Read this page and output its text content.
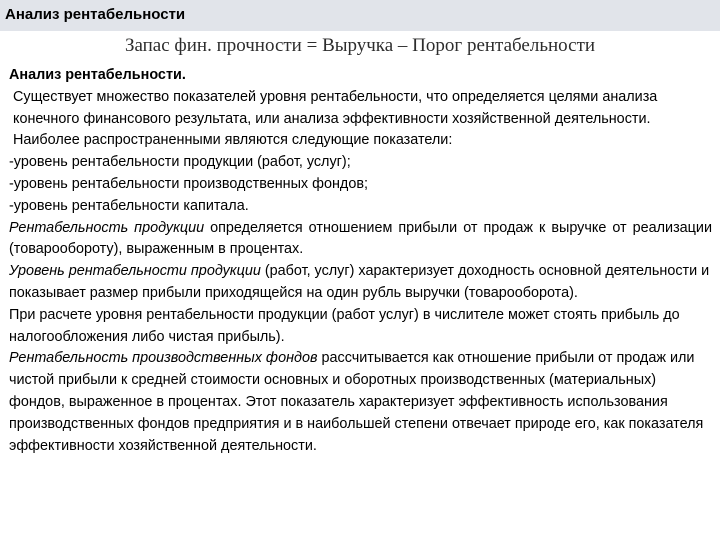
Анализ рентабельности
Запас фин. прочности = Выручка – Порог рентабельности

Анализ рентабельности.

Существует множество показателей уровня рентабельности, что определяется целями анализа конечного финансового результата, или анализа эффективности хозяйственной деятельности. Наиболее распространенными являются следующие показатели:

-уровень рентабельности продукции (работ, услуг);

-уровень рентабельности производственных фондов;

-уровень рентабельности капитала.

Рентабельность продукции определяется отношением прибыли от продаж к выручке от реализации (товарообороту), выраженным в процентах.

Уровень рентабельности продукции (работ, услуг) характеризует доходность основной деятельности и показывает размер прибыли приходящейся на один рубль выручки (товарооборота).

При расчете уровня рентабельности продукции (работ услуг) в числителе может стоять прибыль до налогообложения либо чистая прибыль).

Рентабельность производственных фондов рассчитывается как отношение прибыли от продаж или чистой прибыли к средней стоимости основных и оборотных производственных (материальных) фондов, выраженное в процентах. Этот показатель характеризует эффективность использования производственных фондов предприятия и в наибольшей степени отвечает природе его, как показателя эффективности хозяйственной деятельности.
